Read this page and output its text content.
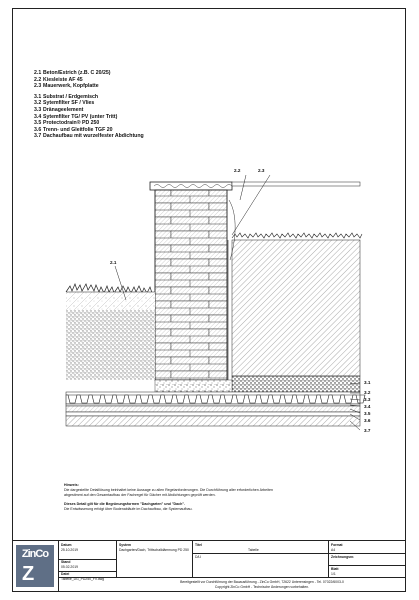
2.1 Beton/Estrich (z.B. C 20/25)
2.2 Kiesleiste AF 45
2.3 Mauerwerk, Kopfplatte
3.1 Substrat / Erdgemisch
3.2 Sytemfilter SF / Vlies
3.3 Dränageelement
3.4 Sytemfilter TG/ PV (unter Tritt)
3.5 Protectodrain® PD 250
3.6 Trenn- und Gleitfolie TGF 20
3.7 Dachaufbau mit wurzelfester Abdichtung
2.1
2.2	2.3
3.1
3.2
3.3
3.4
3.5
3.6
3.7
Hinweis:
Die dargestellte Detaillösung beinhaltet keine Aussage zu allen Regelanforderungen. Die Durchführung aller erforderlichen Arbeiten
abgestimmt auf den Gesamtaufbau der Fachregel für Dächer mit Abdichtungen geprüft werden.
Dieses Detail gilt für die Begrünungsformen "Dachgarten" und "Dach".
Die Entwässerung erfolgt über Bodenabläufe im Dachaufbau, die Systemaufbau.
ZinCo
Z
Datum
25.10.2019
Stand
05.02.2019
Datei
Tabelle_DG_PD250_FV.dwg
System
Dachgarten/Dach, Trittschalldämmung PD 250
Titel
Tabelle
D/LI
Format
A4
Zeichnungsnr.
Blatt
1/1
Bereitgestellt vor Durchführung der Bauausführung - ZinCo GmbH, 72622 Unterensingen - Tel. 07022/6003-0
Copyright ZinCo GmbH - Technische Änderungen vorbehalten.
